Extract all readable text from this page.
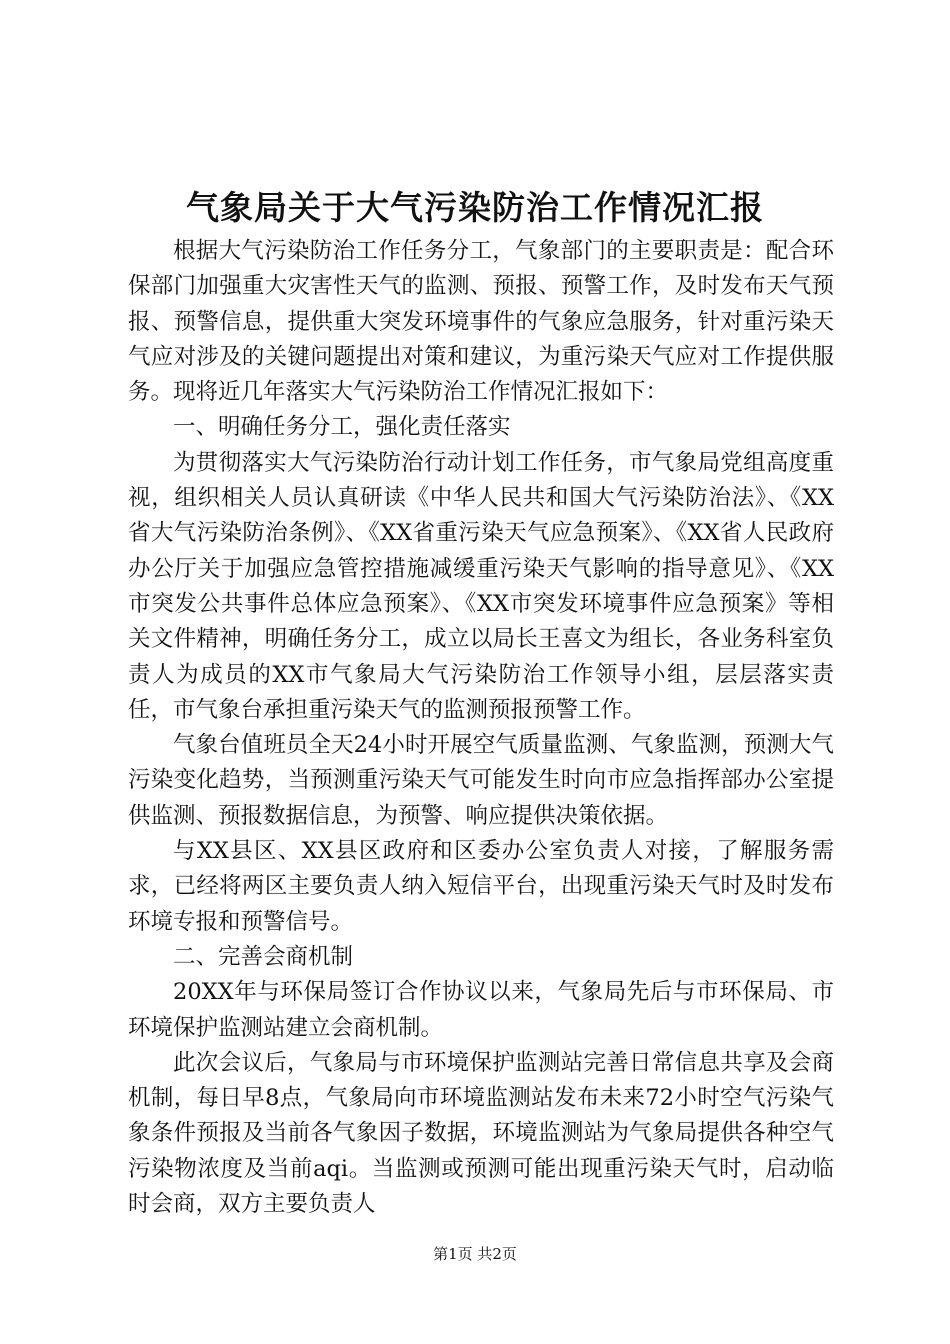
气象局关于大气污染防治工作情况汇报

根据大气污染防治工作任务分工，气象部门的主要职责是：配合环保部门加强重大灾害性天气的监测、预报、预警工作，及时发布天气预报、预警信息，提供重大突发环境事件的气象应急服务，针对重污染天气应对涉及的关键问题提出对策和建议，为重污染天气应对工作提供服务。现将近几年落实大气污染防治工作情况汇报如下：

一、明确任务分工，强化责任落实

为贯彻落实大气污染防治行动计划工作任务，市气象局党组高度重视，组织相关人员认真研读《中华人民共和国大气污染防治法》、《XX省大气污染防治条例》、《XX省重污染天气应急预案》、《XX省人民政府办公厅关于加强应急管控措施减缓重污染天气影响的指导意见》、《XX市突发公共事件总体应急预案》、《XX市突发环境事件应急预案》等相关文件精神，明确任务分工，成立以局长王喜文为组长，各业务科室负责人为成员的XX市气象局大气污染防治工作领导小组，层层落实责任，市气象台承担重污染天气的监测预报预警工作。

气象台值班员全天24小时开展空气质量监测、气象监测，预测大气污染变化趋势，当预测重污染天气可能发生时向市应急指挥部办公室提供监测、预报数据信息，为预警、响应提供决策依据。

与XX县区、XX县区政府和区委办公室负责人对接，了解服务需求，已经将两区主要负责人纳入短信平台，出现重污染天气时及时发布环境专报和预警信号。

二、完善会商机制

20XX年与环保局签订合作协议以来，气象局先后与市环保局、市环境保护监测站建立会商机制。

此次会议后，气象局与市环境保护监测站完善日常信息共享及会商机制，每日早8点，气象局向市环境监测站发布未来72小时空气污染气象条件预报及当前各气象因子数据，环境监测站为气象局提供各种空气污染物浓度及当前aqi。当监测或预测可能出现重污染天气时，启动临时会商，双方主要负责人

第1页 共2页
